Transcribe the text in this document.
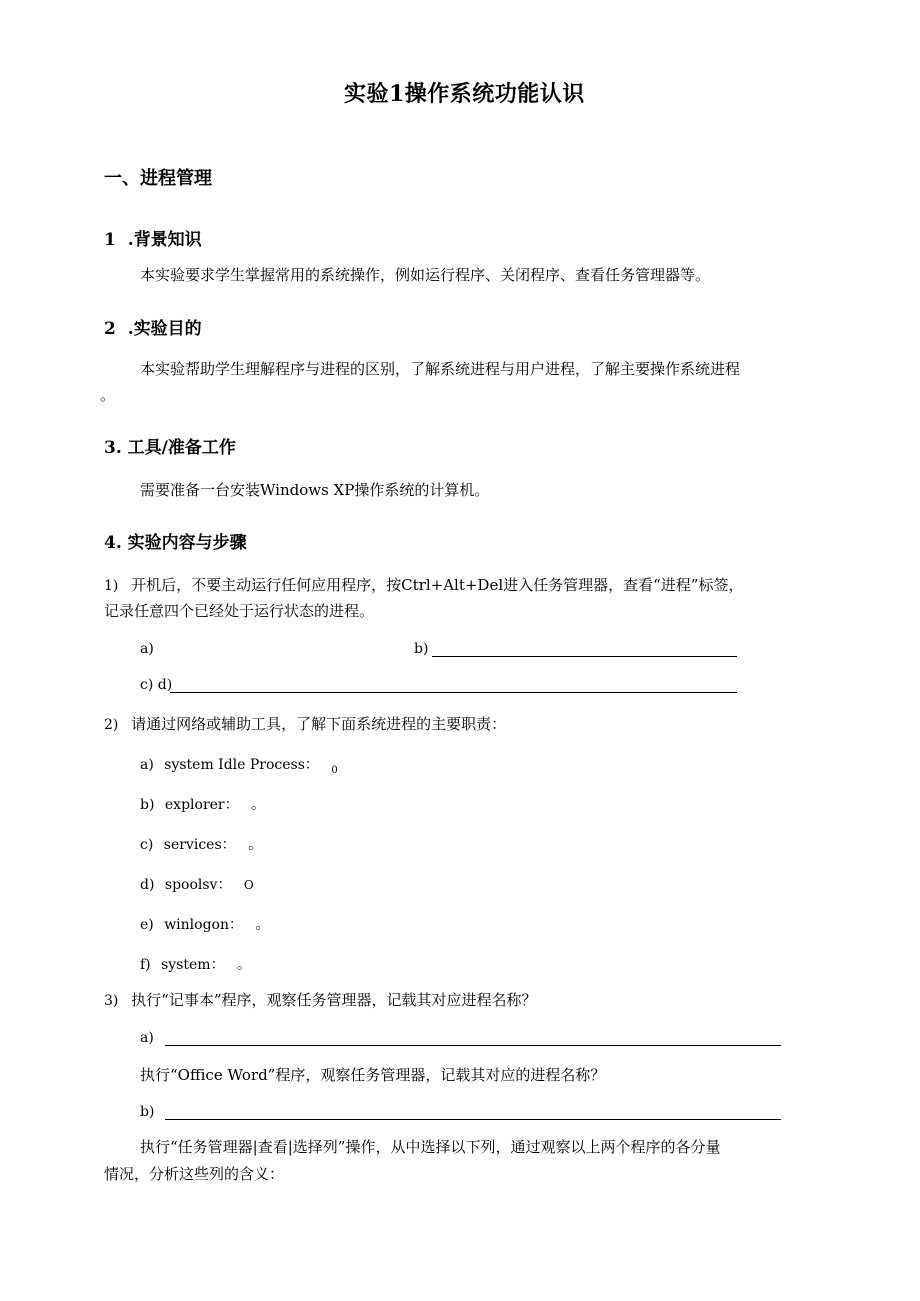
实验1操作系统功能认识
一、进程管理
1 .背景知识
本实验要求学生掌握常用的系统操作，例如运行程序、关闭程序、查看任务管理器等。
2 .实验目的
本实验帮助学生理解程序与进程的区别，了解系统进程与用户进程，了解主要操作系统进程
。
3. 工具/准备工作
需要准备一台安装Windows XP操作系统的计算机。
4. 实验内容与步骤
1) 开机后，不要主动运行任何应用程序，按Ctrl+Alt+Del进入任务管理器，查看“进程”标签，
记录任意四个已经处于运行状态的进程。
a)	b)
c) d)
2) 请通过网络或辅助工具，了解下面系统进程的主要职责：
a) system Idle Process： $_0$
b) explorer： 。
c) services： 。
d) spoolsv： O
e) winlogon： 。
f) system： 。
3) 执行“记事本”程序，观察任务管理器，记载其对应进程名称？
a)
执行“Office Word”程序，观察任务管理器，记载其对应的进程名称？
b)
执行“任务管理器|查看|选择列”操作，从中选择以下列，通过观察以上两个程序的各分量
情况，分析这些列的含义：
